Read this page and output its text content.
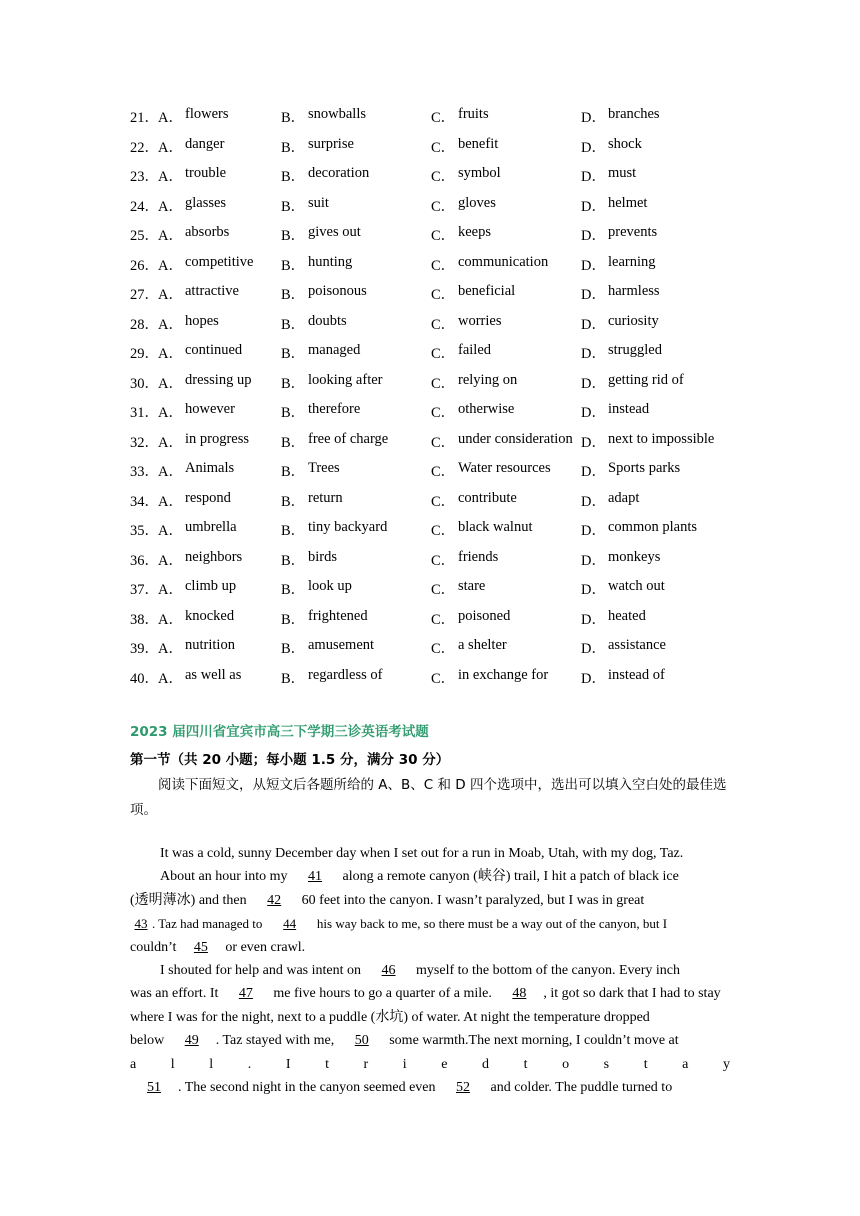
21． A． flowers	B． snowballs	C． fruits	D． branches
22． A． danger	B． surprise	C． benefit	D． shock
23． A． trouble	B． decoration	C． symbol	D． must
24． A． glasses	B． suit	C． gloves	D． helmet
25． A． absorbs	B． gives out	C． keeps	D． prevents
26． A． competitive B． hunting	C． communication D． learning
27． A． attractive	B． poisonous	C． beneficial	D． harmless
28． A． hopes	B． doubts	C． worries	D． curiosity
29． A． continued	B． managed	C． failed	D． struggled
30． A． dressing up B． looking after	C． relying on	D． getting rid of
31． A． however	B． therefore	C． otherwise	D． instead
32． A． in progress B． free of charge	C． under consideration D． next to impossible
33． A． Animals	B． Trees	C． Water resources D． Sports parks
34． A． respond	B． return	C． contribute	D． adapt
35． A． umbrella	B． tiny backyard	C． black walnut	D． common plants
36． A． neighbors	B． birds	C． friends	D． monkeys
37． A． climb up	B． look up	C． stare	D． watch out
38． A． knocked	B． frightened	C． poisoned	D． heated
39． A． nutrition	B． amusement	C． a shelter	D． assistance
40． A． as well as	B． regardless of	C． in exchange for D． instead of
2023 届四川省宜宾市高三下学期三诊英语考试题
第一节（共 20 小题；每小题 1.5 分，满分 30 分）
阅读下面短文，从短文后各题所给的 A、B、C 和 D 四个选项中，选出可以填入空白处的最佳选项。
It was a cold, sunny December day when I set out for a run in Moab, Utah, with my dog, Taz.
About an hour into my 41 along a remote canyon (峡谷) trail, I hit a patch of black ice
(透明薄冰) and then 42 60 feet into the canyon. I wasn’t paralyzed, but I was in great
43 . Taz had managed to 44 his way back to me, so there must be a way out of the canyon, but I
couldn’t 45 or even crawl.
I shouted for help and was intent on 46 myself to the bottom of the canyon. Every inch
was an effort. It 47 me five hours to go a quarter of a mile. 48 , it got so dark that I had to stay
where I was for the night, next to a puddle (水坑) of water. At night the temperature dropped
below 49 . Taz stayed with me, 50 some warmth.The next morning, I couldn’t move at
a l l . I t r i e d t o s t a y
51 . The second night in the canyon seemed even 52 and colder. The puddle turned to
